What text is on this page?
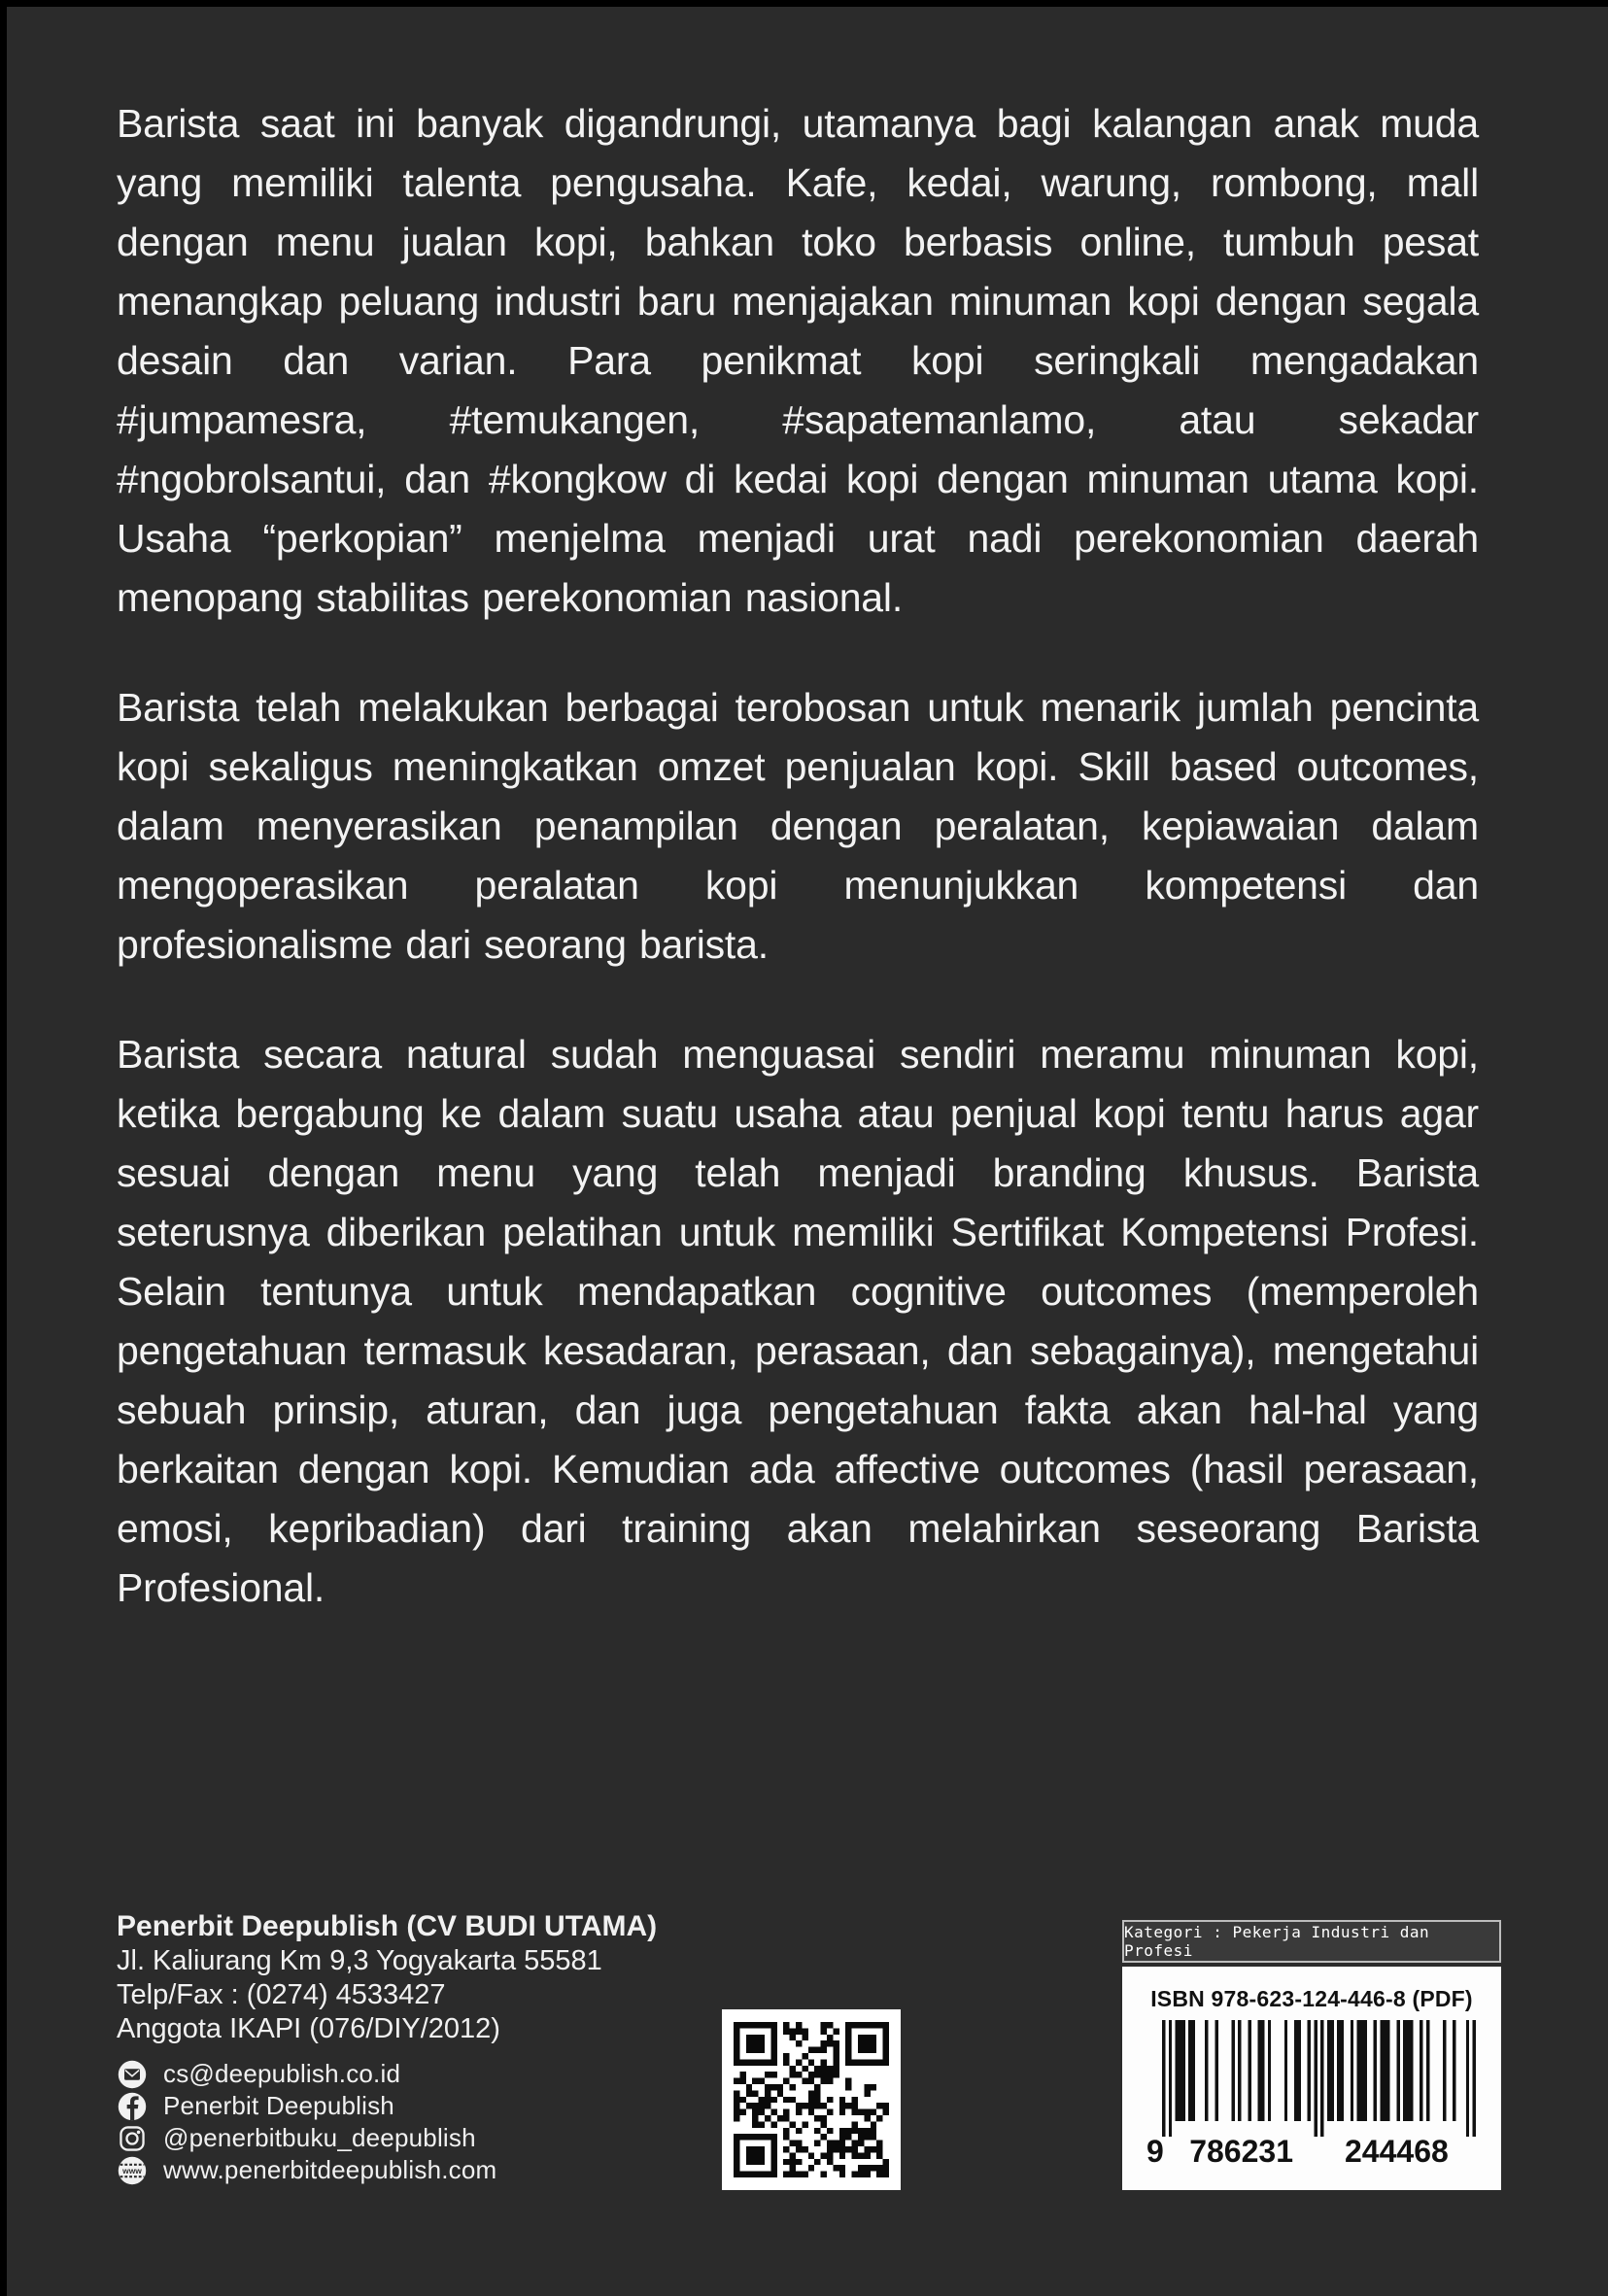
Barista saat ini banyak digandrungi, utamanya bagi kalangan anak muda yang memiliki talenta pengusaha. Kafe, kedai, warung, rombong, mall dengan menu jualan kopi, bahkan toko berbasis online, tumbuh pesat menangkap peluang industri baru menjajakan minuman kopi dengan segala desain dan varian. Para penikmat kopi seringkali mengadakan #jumpamesra, #temukangen, #sapatemanlamo, atau sekadar #ngobrolsantui, dan #kongkow di kedai kopi dengan minuman utama kopi. Usaha “perkopian” menjelma menjadi urat nadi perekonomian daerah menopang stabilitas perekonomian nasional.

Barista telah melakukan berbagai terobosan untuk menarik jumlah pencinta kopi sekaligus meningkatkan omzet penjualan kopi. Skill based outcomes, dalam menyerasikan penampilan dengan peralatan, kepiawaian dalam mengoperasikan peralatan kopi menunjukkan kompetensi dan profesionalisme dari seorang barista.

Barista secara natural sudah menguasai sendiri meramu minuman kopi, ketika bergabung ke dalam suatu usaha atau penjual kopi tentu harus agar sesuai dengan menu yang telah menjadi branding khusus. Barista seterusnya diberikan pelatihan untuk memiliki Sertifikat Kompetensi Profesi. Selain tentunya untuk mendapatkan cognitive outcomes (memperoleh pengetahuan termasuk kesadaran, perasaan, dan sebagainya), mengetahui sebuah prinsip, aturan, dan juga pengetahuan fakta akan hal-hal yang berkaitan dengan kopi. Kemudian ada affective outcomes (hasil perasaan, emosi, kepribadian) dari training akan melahirkan seseorang Barista Profesional.

Penerbit Deepublish (CV BUDI UTAMA)
Jl. Kaliurang Km 9,3 Yogyakarta 55581
Telp/Fax : (0274) 4533427
Anggota IKAPI (076/DIY/2012)
cs@deepublish.co.id
Penerbit Deepublish
@penerbitbuku_deepublish
www www.penerbitdeepublish.com
Kategori : Pekerja Industri dan Profesi

ISBN 978-623-124-446-8 (PDF)

9 786231 244468
